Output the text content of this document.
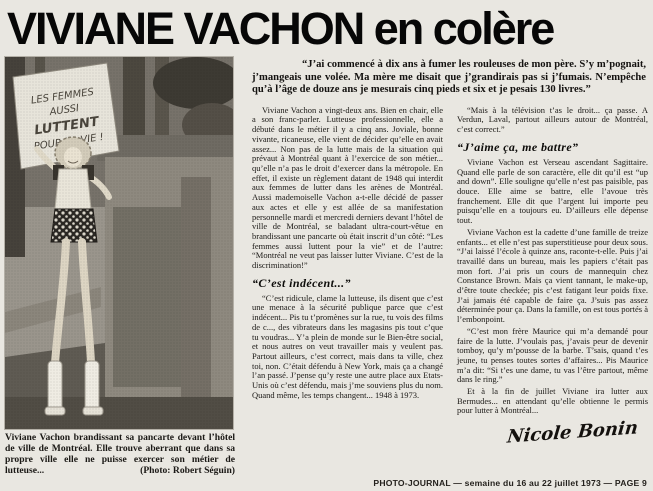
VIVIANE VACHON en colère
Viviane Vachon brandissant sa pancarte devant l’hôtel de ville de Montréal. Elle trouve aberrant que dans sa propre ville elle ne puisse exercer son métier de lutteuse...	(Photo: Robert Séguin)
“J’ai commencé à dix ans à fumer les rouleuses de mon père. S’y m’pognait, j’mangeais une volée. Ma mère me disait que j’grandirais pas si j’fumais. N’empêche qu’à l’âge de douze ans je mesurais cinq pieds et six et je pesais 130 livres.”

Viviane Vachon a vingt-deux ans. Bien en chair, elle a son franc-parler. Lutteuse professionnelle, elle a débuté dans le métier il y a cinq ans. Joviale, bonne vivante, ricaneuse, elle vient de décider qu’elle en avait assez... Non pas de la lutte mais de la situation qui prévaut à Montréal quant à l’exercice de son métier... qu’elle n’a pas le droit d’exercer dans la métropole. En effet, il existe un règlement datant de 1948 qui interdit aux femmes de lutter dans les arènes de Montréal. Aussi mademoiselle Vachon a-t-elle décidé de passer aux actes et elle y est allée de sa manifestation personnelle mardi et mercredi derniers devant l’hôtel de ville de Montréal, se baladant ultra-court-vêtue en brandissant une pancarte où était inscrit d’un côté: “Les femmes aussi luttent pour la vie” et de l’autre: “Montréal ne veut pas laisser lutter Viviane. C’est de la discrimination!”

“C’est indécent...”

“C’est ridicule, clame la lutteuse, ils disent que c’est une menace à la sécurité publique parce que c’est indécent... Pis tu t’promènes sur la rue, tu vois des films de c..., des vibrateurs dans les magasins pis tout c’que tu voudras... Y’a plein de monde sur le Bien-être social, et nous autres on veut travailler mais y veulent pas. Partout ailleurs, c’est correct, mais dans ta ville, chez toi, non. C’était défendu à New York, mais ça a changé l’an passé. J’pense qu’y reste une autre place aux Etats-Unis où c’est défendu, mais j’me souviens plus du nom. Quand même, les temps changent... 1948 à 1973.

“Mais à la télévision t’as le droit... ça passe. A Verdun, Laval, partout ailleurs autour de Montréal, c’est correct.”

“J’aime ça, me battre”

Viviane Vachon est Verseau ascendant Sagittaire. Quand elle parle de son caractère, elle dit qu’il est “up and down”. Elle souligne qu’elle n’est pas paisible, pas douce. Elle aime se battre, elle l’avoue très franchement. Elle dit que l’argent lui importe peu puisqu’elle en a toujours eu. D’ailleurs elle dépense tout.

Viviane Vachon est la cadette d’une famille de treize enfants... et elle n’est pas superstitieuse pour deux sous. “J’ai laissé l’école à quinze ans, raconte-t-elle. Puis j’ai travaillé dans un bureau, mais les papiers c’était pas mon fort. J’ai pris un cours de mannequin chez Constance Brown. Mais ça vient tannant, le make-up, d’être toute checkée; pis c’est fatigant leur poids fixe. J’ai jamais été capable de faire ça. J’suis pas assez déterminée pour ça. Dans la famille, on est tous portés à l’embonpoint.

“C’est mon frère Maurice qui m’a demandé pour faire de la lutte. J’voulais pas, j’avais peur de devenir tomboy, qu’y m’pousse de la barbe. T’sais, quand t’es jeune, tu penses toutes sortes d’affaires... Pis Maurice m’a dit: “Si t’es une dame, tu vas l’être partout, même dans le ring.”

Et à la fin de juillet Viviane ira lutter aux Bermudes... en attendant qu’elle obtienne le permis pour lutter à Montréal...

Nicole Bonin
PHOTO-JOURNAL — semaine du 16 au 22 juillet 1973 — PAGE 9
